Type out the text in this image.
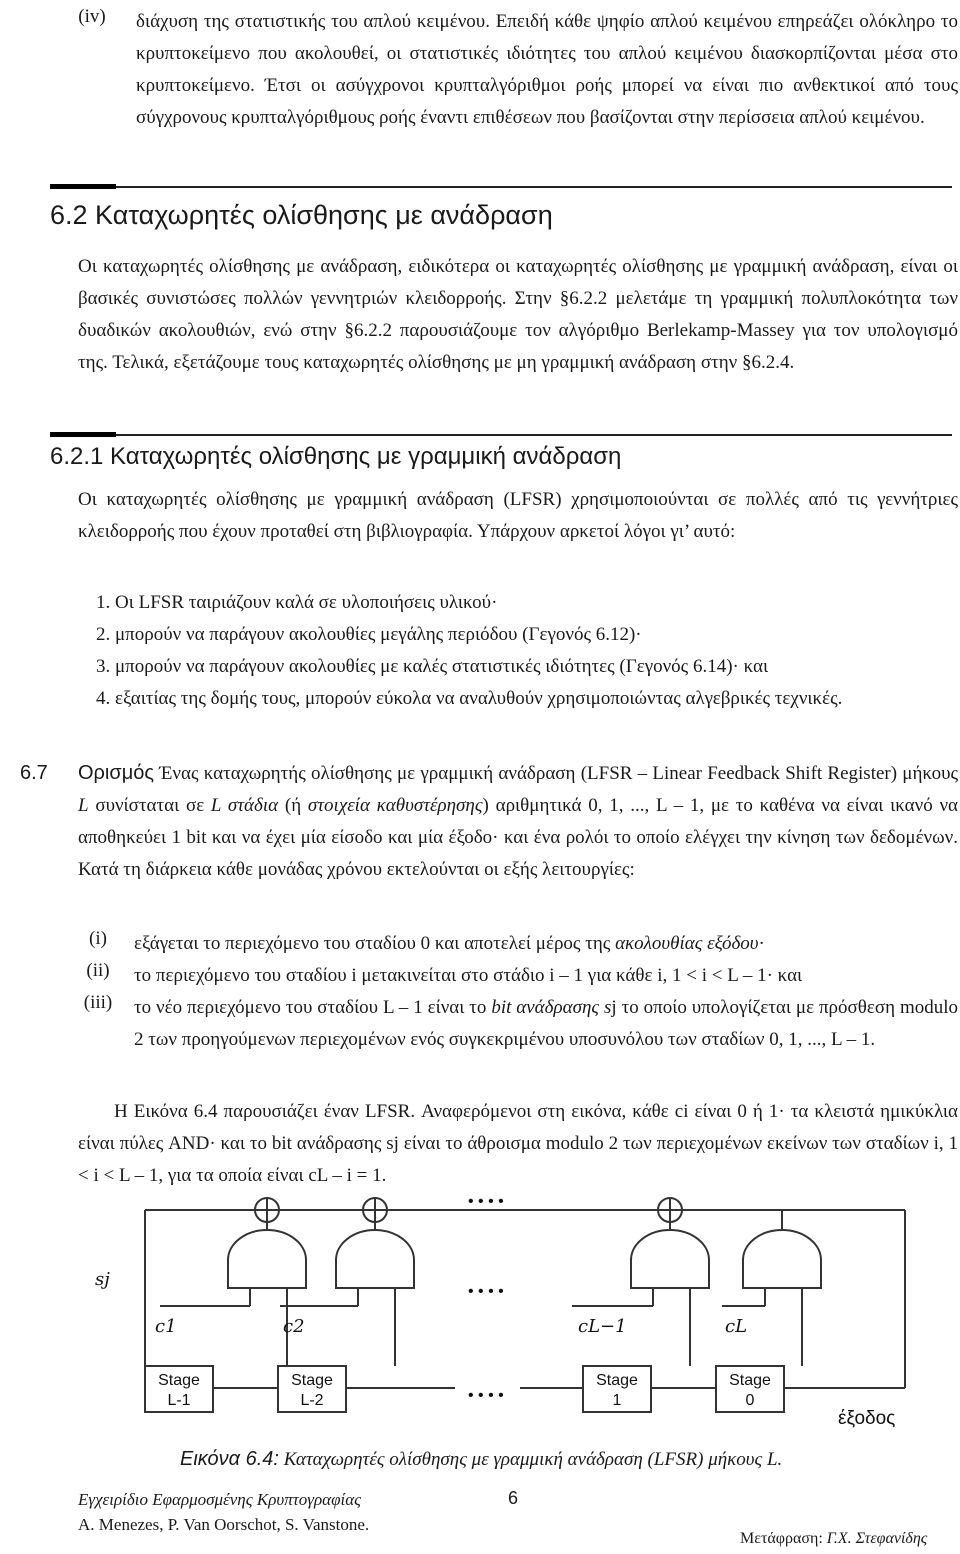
(iv)	διάχυση της στατιστικής του απλού κειμένου. Επειδή κάθε ψηφίο απλού κειμένου επηρεάζει ολόκληρο το κρυπτοκείμενο που ακολουθεί, οι στατιστικές ιδιότητες του απλού κειμένου διασκορπίζονται μέσα στο κρυπτοκείμενο. Έτσι οι ασύγχρονοι κρυπταλγόριθμοι ροής μπορεί να είναι πιο ανθεκτικοί από τους σύγχρονους κρυπταλγόριθμους ροής έναντι επιθέσεων που βασίζονται στην περίσσεια απλού κειμένου.
6.2 Καταχωρητές ολίσθησης με ανάδραση
Οι καταχωρητές ολίσθησης με ανάδραση, ειδικότερα οι καταχωρητές ολίσθησης με γραμμική ανάδραση, είναι οι βασικές συνιστώσες πολλών γεννητριών κλειδορροής. Στην §6.2.2 μελετάμε τη γραμμική πολυπλοκότητα των δυαδικών ακολουθιών, ενώ στην §6.2.2 παρουσιάζουμε τον αλγόριθμο Berlekamp-Massey για τον υπολογισμό της. Τελικά, εξετάζουμε τους καταχωρητές ολίσθησης με μη γραμμική ανάδραση στην §6.2.4.
6.2.1 Καταχωρητές ολίσθησης με γραμμική ανάδραση
Οι καταχωρητές ολίσθησης με γραμμική ανάδραση (LFSR) χρησιμοποιούνται σε πολλές από τις γεννήτριες κλειδορροής που έχουν προταθεί στη βιβλιογραφία. Υπάρχουν αρκετοί λόγοι γι’ αυτό:
1. Οι LFSR ταιριάζουν καλά σε υλοποιήσεις υλικού·
2. μπορούν να παράγουν ακολουθίες μεγάλης περιόδου (Γεγονός 6.12)·
3. μπορούν να παράγουν ακολουθίες με καλές στατιστικές ιδιότητες (Γεγονός 6.14)· και
4. εξαιτίας της δομής τους, μπορούν εύκολα να αναλυθούν χρησιμοποιώντας αλγεβρικές τεχνικές.
6.7	Ορισμός Ένας καταχωρητής ολίσθησης με γραμμική ανάδραση (LFSR – Linear Feedback Shift Register) μήκους L συνίσταται σε L στάδια (ή στοιχεία καθυστέρησης) αριθμητικά 0, 1, ..., L – 1, με το καθένα να είναι ικανό να αποθηκεύει 1 bit και να έχει μία είσοδο και μία έξοδο· και ένα ρολόι το οποίο ελέγχει την κίνηση των δεδομένων. Κατά τη διάρκεια κάθε μονάδας χρόνου εκτελούνται οι εξής λειτουργίες:
(i)	εξάγεται το περιεχόμενο του σταδίου 0 και αποτελεί μέρος της ακολουθίας εξόδου·
(ii)	το περιεχόμενο του σταδίου i μετακινείται στο στάδιο i – 1 για κάθε i, 1 < i < L – 1· και
(iii)	το νέο περιεχόμενο του σταδίου L – 1 είναι το bit ανάδρασης sj το οποίο υπολογίζεται με πρόσθεση modulo 2 των προηγούμενων περιεχομένων ενός συγκεκριμένου υποσυνόλου των σταδίων 0, 1, ..., L – 1.
Η Εικόνα 6.4 παρουσιάζει έναν LFSR. Αναφερόμενοι στη εικόνα, κάθε ci είναι 0 ή 1· τα κλειστά ημικύκλια είναι πύλες AND· και το bit ανάδρασης sj είναι το άθροισμα modulo 2 των περιεχομένων εκείνων των σταδίων i, 1 < i < L – 1, για τα οποία είναι cL – i = 1.
• • • •
• • • •
• • • •
sj
c1	c2	cL−1	cL
Stage
L-1
Stage
L-2
Stage
1
Stage
0
έξοδος
Εικόνα 6.4: Καταχωρητές ολίσθησης με γραμμική ανάδραση (LFSR) μήκους L.
Εγχειρίδιο Εφαρμοσμένης Κρυπτογραφίας	6
A. Menezes, P. Van Oorschot, S. Vanstone.
Μετάφραση: Γ.Χ. Στεφανίδης
